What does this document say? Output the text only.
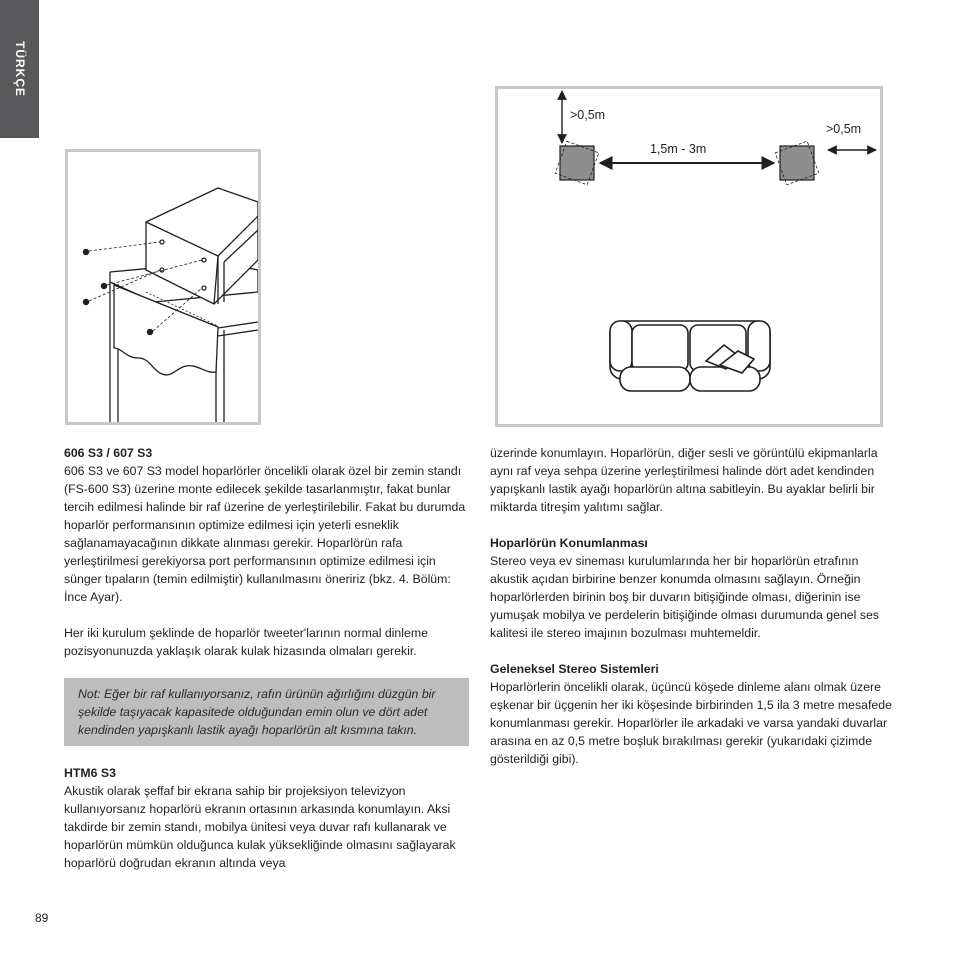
TÜRKÇE
>0,5m
1,5m - 3m
>0,5m
606 S3 / 607 S3

606 S3 ve 607 S3 model hoparlörler öncelikli olarak özel bir zemin standı (FS-600 S3) üzerine monte edilecek şekilde tasarlanmıştır, fakat bunlar tercih edilmesi halinde bir raf üzerine de yerleştirilebilir. Fakat bu durumda hoparlör performansının optimize edilmesi için yeterli esneklik sağlanamayacağının dikkate alınması gerekir. Hoparlörün rafa yerleştirilmesi gerekiyorsa port performansının optimize edilmesi için sünger tıpaların (temin edilmiştir) kullanılmasını öneririz (bkz. 4. Bölüm: İnce Ayar).

Her iki kurulum şeklinde de hoparlör tweeter'larının normal dinleme pozisyonunuzda yaklaşık olarak kulak hizasında olmaları gerekir.

Not: Eğer bir raf kullanıyorsanız, rafın ürünün ağırlığını düzgün bir şekilde taşıyacak kapasitede olduğundan emin olun ve dört adet kendinden yapışkanlı lastik ayağı hoparlörün alt kısmına takın.

HTM6 S3

Akustik olarak şeffaf bir ekrana sahip bir projeksiyon televizyon kullanıyorsanız hoparlörü ekranın ortasının arkasında konumlayın. Aksi takdirde bir zemin standı, mobilya ünitesi veya duvar rafı kullanarak ve hoparlörün mümkün olduğunca kulak yüksekliğinde olmasını sağlayarak hoparlörü doğrudan ekranın altında veya

üzerinde konumlayın. Hoparlörün, diğer sesli ve görüntülü ekipmanlarla aynı raf veya sehpa üzerine yerleştirilmesi halinde dört adet kendinden yapışkanlı lastik ayağı hoparlörün altına sabitleyin. Bu ayaklar belirli bir miktarda titreşim yalıtımı sağlar.

Hoparlörün Konumlanması

Stereo veya ev sineması kurulumlarında her bir hoparlörün etrafının akustik açıdan birbirine benzer konumda olmasını sağlayın. Örneğin hoparlörlerden birinin boş bir duvarın bitişiğinde olması, diğerinin ise yumuşak mobilya ve perdelerin bitişiğinde olması durumunda genel ses kalitesi ile stereo imajının bozulması muhtemeldir.

Geleneksel Stereo Sistemleri

Hoparlörlerin öncelikli olarak, üçüncü köşede dinleme alanı olmak üzere eşkenar bir üçgenin her iki köşesinde birbirinden 1,5 ila 3 metre mesafede konumlanması gerekir. Hoparlörler ile arkadaki ve varsa yandaki duvarlar arasına en az 0,5 metre boşluk bırakılması gerekir (yukarıdaki çizimde gösterildiği gibi).

89
